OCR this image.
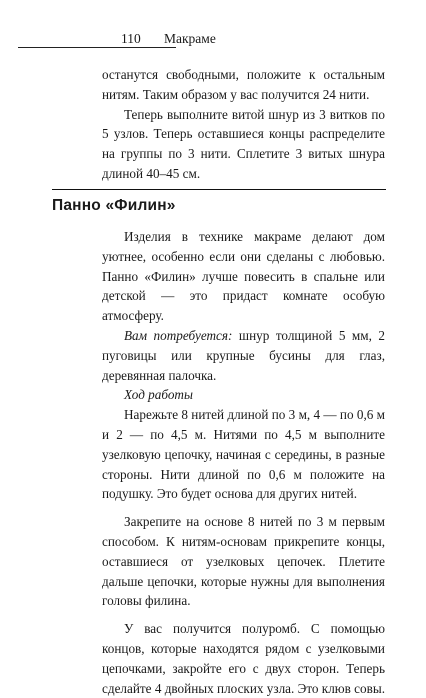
110 Макраме

останутся свободными, положите к остальным нитям. Таким образом у вас получится 24 нити.

Теперь выполните витой шнур из 3 витков по 5 узлов. Теперь оставшиеся концы распределите на группы по 3 нити. Сплетите 3 витых шнура длиной 40–45 см.

Панно «Филин»

Изделия в технике макраме делают дом уютнее, особенно если они сделаны с любовью. Панно «Филин» лучше повесить в спальне или детской — это придаст комнате особую атмосферу.

Вам потребуется: шнур толщиной 5 мм, 2 пуговицы или крупные бусины для глаз, деревянная палочка.

Ход работы

Нарежьте 8 нитей длиной по 3 м, 4 — по 0,6 м и 2 — по 4,5 м. Нитями по 4,5 м выполните узелковую цепочку, начиная с середины, в разные стороны. Нити длиной по 0,6 м положите на подушку. Это будет основа для других нитей.

Закрепите на основе 8 нитей по 3 м первым способом. К нитям-основам прикрепите концы, оставшиеся от узелковых цепочек. Плетите дальше цепочки, которые нужны для выполнения головы филина.

У вас получится полуромб. С помощью концов, которые находятся рядом с узелковыми цепочками, закройте его с двух сторон. Теперь сделайте 4 двойных плоских узла. Это клюв совы.
